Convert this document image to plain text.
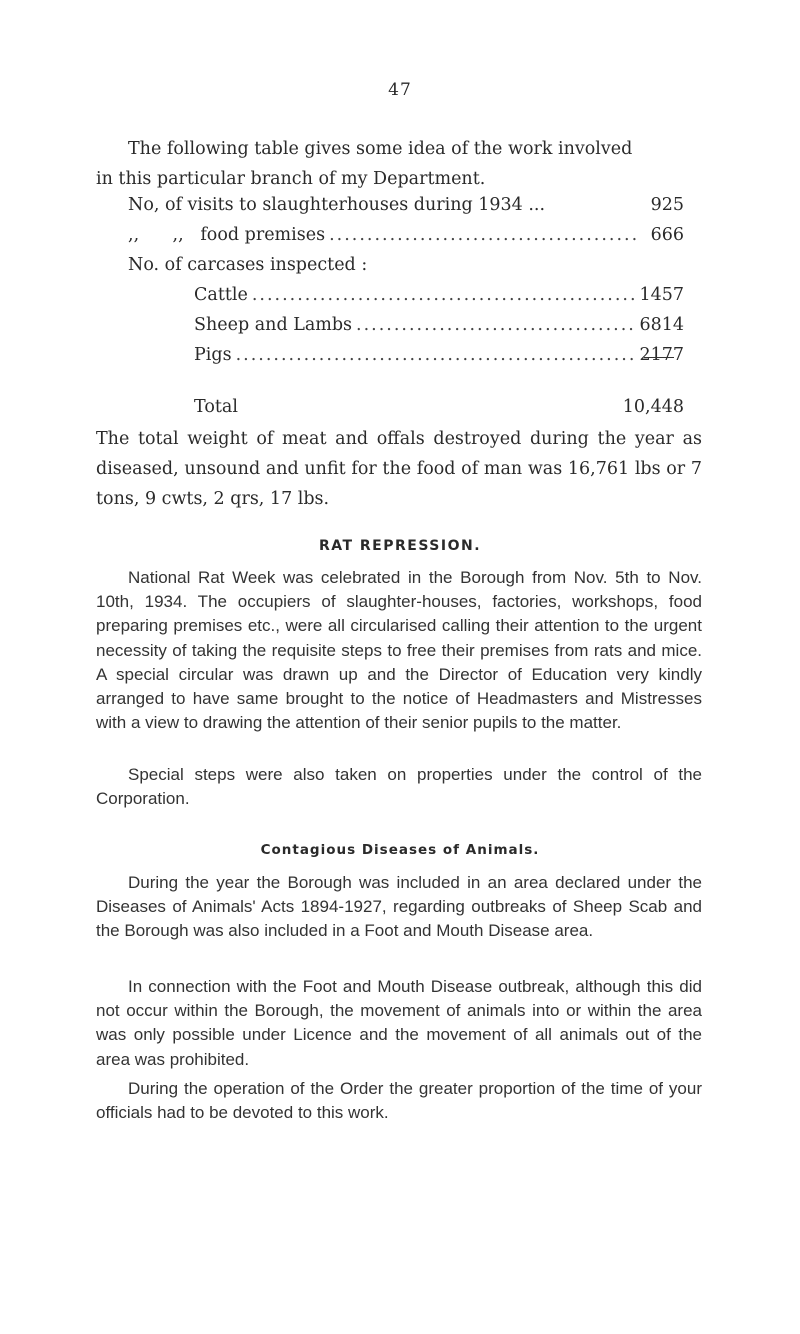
47
The following table gives some idea of the work involved
in this particular branch of my Department.
No, of visits to slaughterhouses during 1934 ...	925
,,      ,,   food premises .....	666
No. of carcases inspected :
Cattle .....	1457
Sheep and Lambs .....	6814
Pigs .....	2177
Total	10,448
The total weight of meat and offals destroyed during the year as diseased, unsound and unfit for the food of man was 16,761 lbs or 7 tons, 9 cwts, 2 qrs, 17 lbs.
RAT REPRESSION.
National Rat Week was celebrated in the Borough from Nov. 5th to Nov. 10th, 1934. The occupiers of slaughter-houses, factories, workshops, food preparing premises etc., were all circularised calling their attention to the urgent necessity of taking the requisite steps to free their premises from rats and mice. A special circular was drawn up and the Director of Education very kindly arranged to have same brought to the notice of Headmasters and Mistresses with a view to drawing the attention of their senior pupils to the matter.
Special steps were also taken on properties under the control of the Corporation.
Contagious Diseases of Animals.
During the year the Borough was included in an area declared under the Diseases of Animals' Acts 1894-1927, regarding outbreaks of Sheep Scab and the Borough was also included in a Foot and Mouth Disease area.
In connection with the Foot and Mouth Disease outbreak, although this did not occur within the Borough, the movement of animals into or within the area was only possible under Licence and the movement of all animals out of the area was prohibited.
During the operation of the Order the greater proportion of the time of your officials had to be devoted to this work.
